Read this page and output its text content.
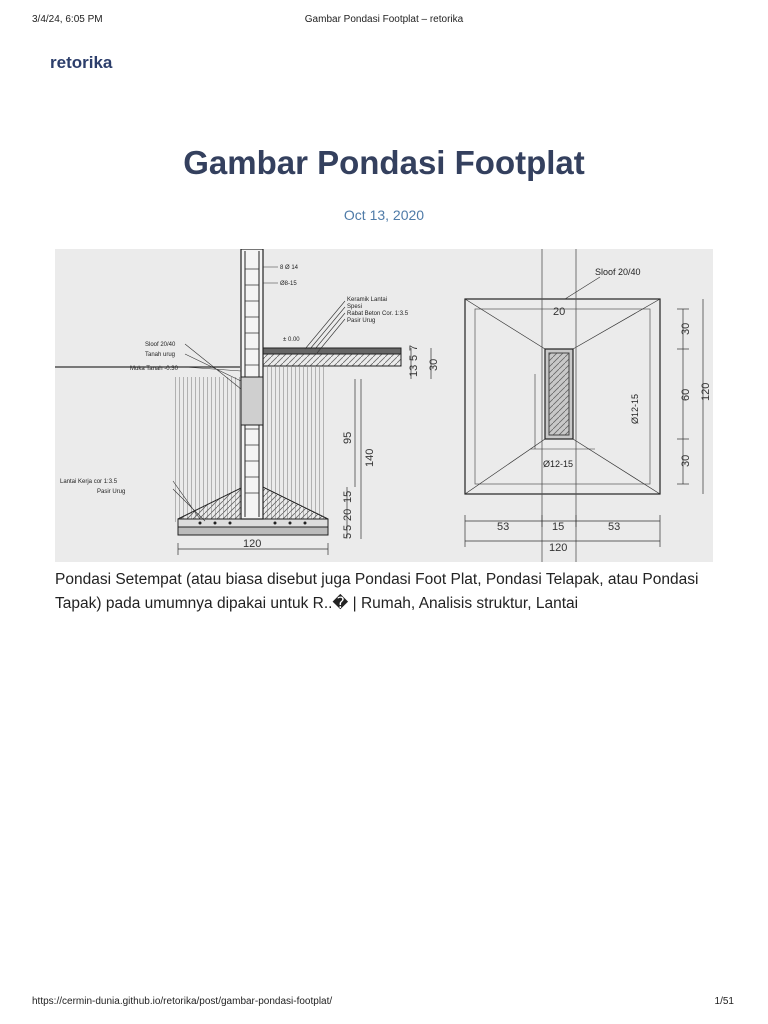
3/4/24, 6:05 PM	Gambar Pondasi Footplat – retorika
retorika
Gambar Pondasi Footplat
Oct 13, 2020
8 Ø 14
Ø8-15
Keramik Lantai
Spesi
Rabat Beton Cor. 1:3.5
Pasir Urug
Sloof 20/40
Tanah urug
Muka Tanah -0.30
± 0.00
Lantai Kerja cor 1:3.5
Pasir Urug
13
5
7
30
95
140
15
20
5
5
120
Sloof 20/40
20
Ø12-15
Ø12-15
30
60
30
120
53	15	53
120

Pondasi Setempat (atau biasa disebut juga Pondasi Foot Plat, Pondasi Telapak, atau Pondasi Tapak) pada umumnya dipakai untuk R..� | Rumah, Analisis struktur, Lantai

https://cermin-dunia.github.io/retorika/post/gambar-pondasi-footplat/	1/51
